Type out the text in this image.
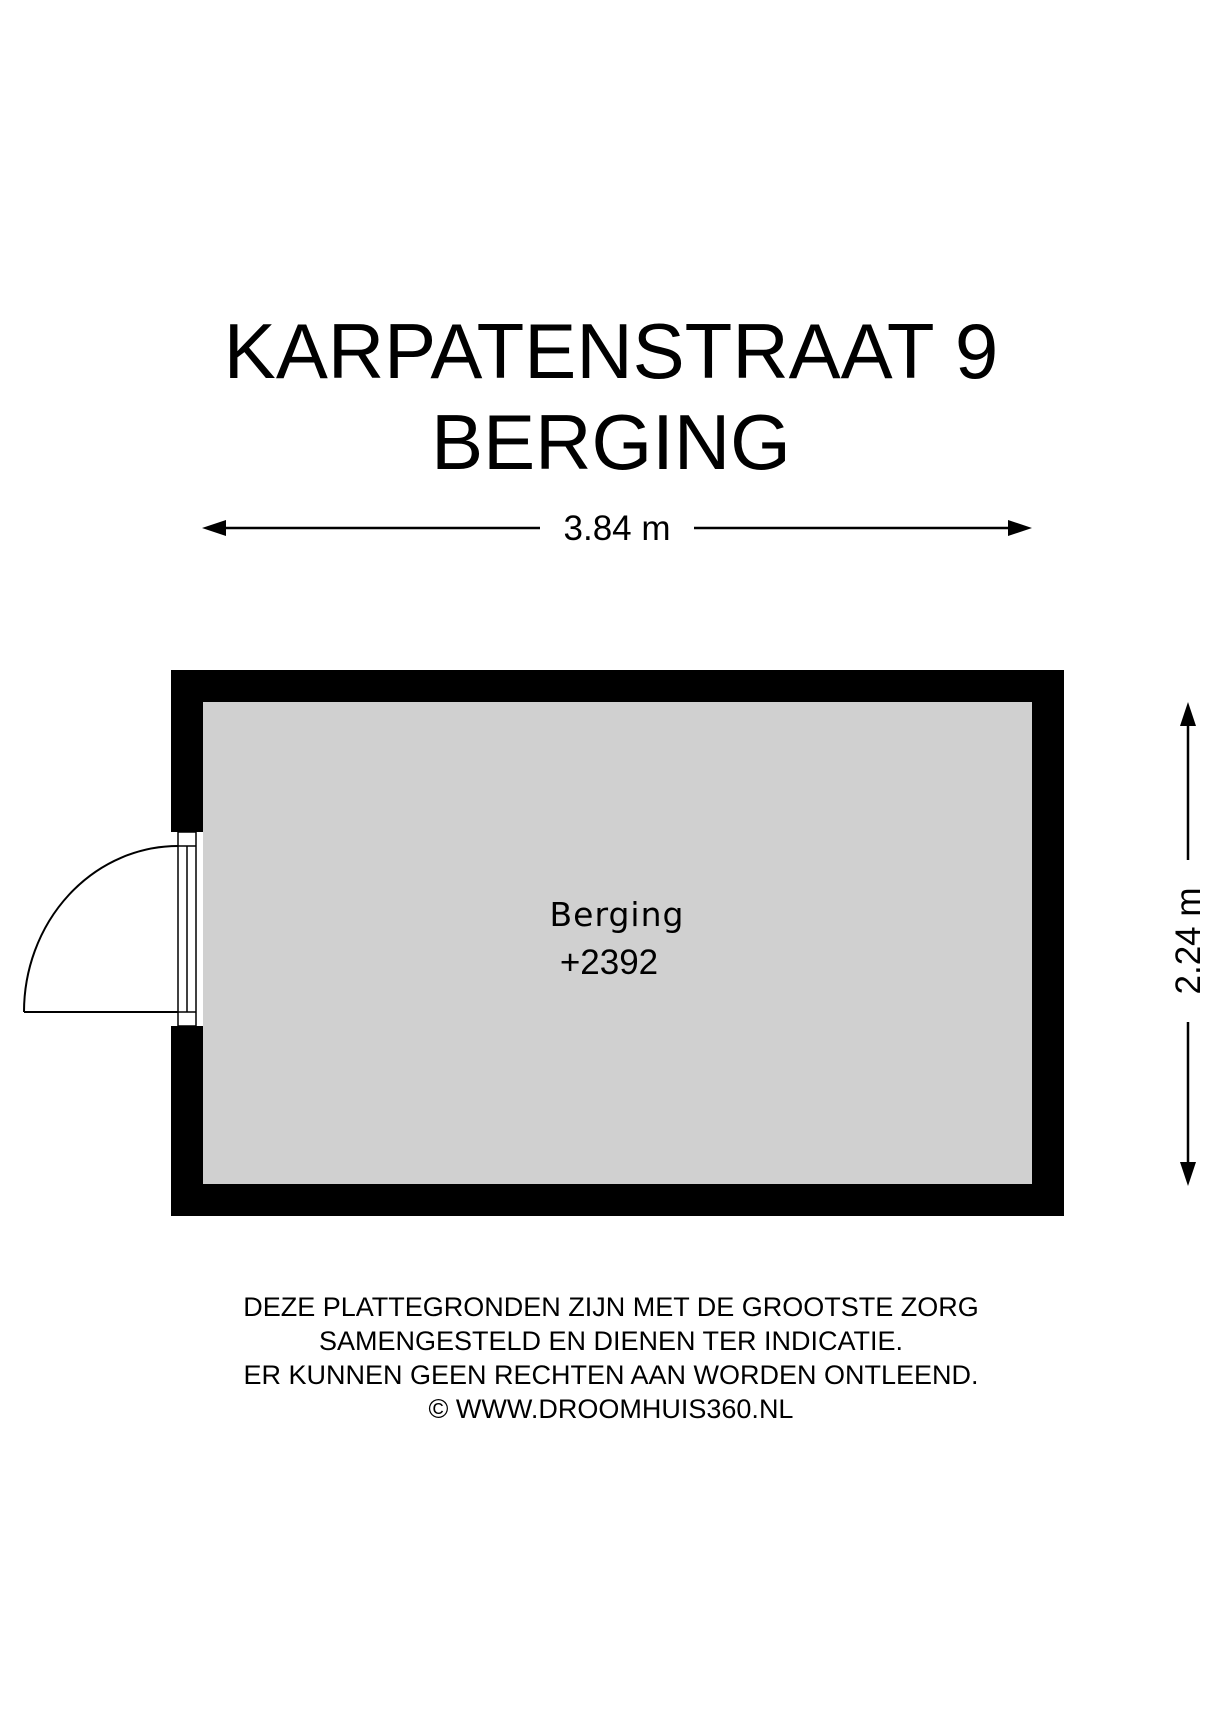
KARPATENSTRAAT 9
BERGING
3.84 m
2.24 m
Berging
+2392
DEZE PLATTEGRONDEN ZIJN MET DE GROOTSTE ZORG
SAMENGESTELD EN DIENEN TER INDICATIE.
ER KUNNEN GEEN RECHTEN AAN WORDEN ONTLEEND.
© WWW.DROOMHUIS360.NL
